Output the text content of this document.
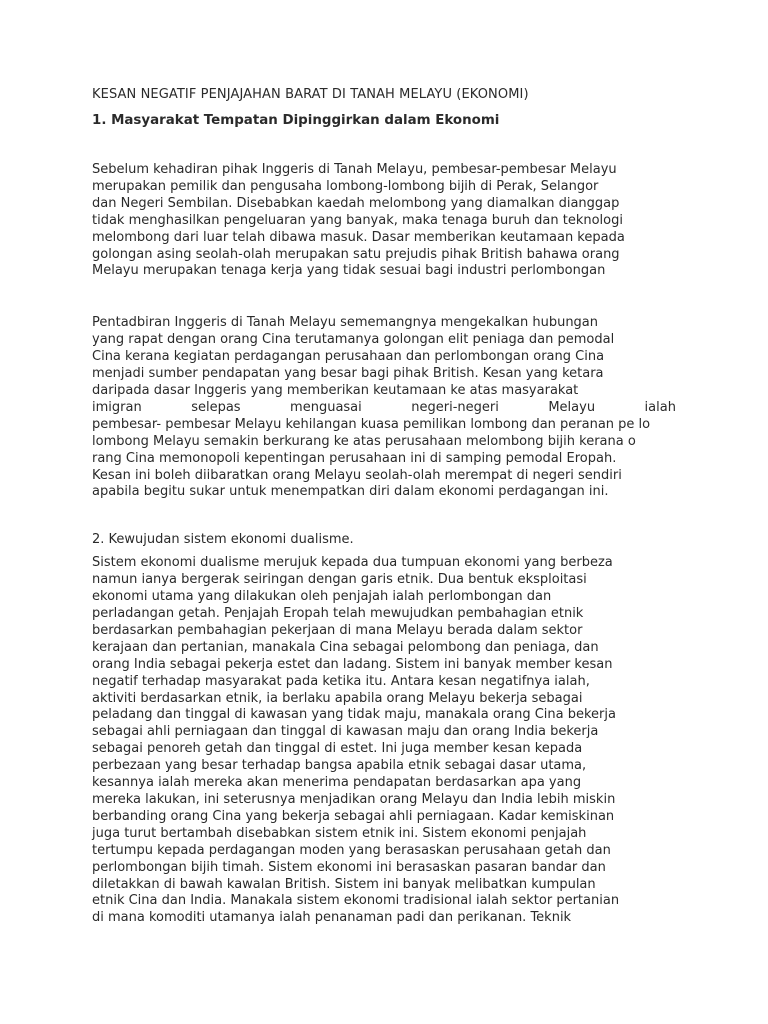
KESAN NEGATIF PENJAJAHAN BARAT DI TANAH MELAYU (EKONOMI)
1. Masyarakat Tempatan Dipinggirkan dalam Ekonomi

Sebelum kehadiran pihak Inggeris di Tanah Melayu, pembesar-pembesar Melayu
merupakan pemilik dan pengusaha lombong-lombong bijih di Perak, Selangor
dan Negeri Sembilan. Disebabkan kaedah melombong yang diamalkan dianggap
tidak menghasilkan pengeluaran yang banyak, maka tenaga buruh dan teknologi
melombong dari luar telah dibawa masuk. Dasar memberikan keutamaan kepada
golongan asing seolah-olah merupakan satu prejudis pihak British bahawa orang
Melayu merupakan tenaga kerja yang tidak sesuai bagi industri perlombongan

Pentadbiran Inggeris di Tanah Melayu sememangnya mengekalkan hubungan
yang rapat dengan orang Cina terutamanya golongan elit peniaga dan pemodal
Cina kerana kegiatan perdagangan perusahaan dan perlombongan orang Cina
menjadi sumber pendapatan yang besar bagi pihak British. Kesan yang ketara
daripada dasar Inggeris yang memberikan keutamaan ke atas masyarakat
imigran	selepas	menguasai	negeri-negeri	Melayu	ialah
pembesar- pembesar Melayu kehilangan kuasa pemilikan lombong dan peranan pe lo
lombong Melayu semakin berkurang ke atas perusahaan melombong bijih kerana o
rang Cina memonopoli kepentingan perusahaan ini di samping pemodal Eropah.
Kesan ini boleh diibaratkan orang Melayu seolah-olah merempat di negeri sendiri
apabila begitu sukar untuk menempatkan diri dalam ekonomi perdagangan ini.

2. Kewujudan sistem ekonomi dualisme.

Sistem ekonomi dualisme merujuk kepada dua tumpuan ekonomi yang berbeza
namun ianya bergerak seiringan dengan garis etnik. Dua bentuk eksploitasi
ekonomi utama yang dilakukan oleh penjajah ialah perlombongan dan
perladangan getah. Penjajah Eropah telah mewujudkan pembahagian etnik
berdasarkan pembahagian pekerjaan di mana Melayu berada dalam sektor
kerajaan dan pertanian, manakala Cina sebagai pelombong dan peniaga, dan
orang India sebagai pekerja estet dan ladang. Sistem ini banyak member kesan
negatif terhadap masyarakat pada ketika itu. Antara kesan negatifnya ialah,
aktiviti berdasarkan etnik, ia berlaku apabila orang Melayu bekerja sebagai
peladang dan tinggal di kawasan yang tidak maju, manakala orang Cina bekerja
sebagai ahli perniagaan dan tinggal di kawasan maju dan orang India bekerja
sebagai penoreh getah dan tinggal di estet. Ini juga member kesan kepada
perbezaan yang besar terhadap bangsa apabila etnik sebagai dasar utama,
kesannya ialah mereka akan menerima pendapatan berdasarkan apa yang
mereka lakukan, ini seterusnya menjadikan orang Melayu dan India lebih miskin
berbanding orang Cina yang bekerja sebagai ahli perniagaan. Kadar kemiskinan
juga turut bertambah disebabkan sistem etnik ini. Sistem ekonomi penjajah
tertumpu kepada perdagangan moden yang berasaskan perusahaan getah dan
perlombongan bijih timah. Sistem ekonomi ini berasaskan pasaran bandar dan
diletakkan di bawah kawalan British. Sistem ini banyak melibatkan kumpulan
etnik Cina dan India. Manakala sistem ekonomi tradisional ialah sektor pertanian
di mana komoditi utamanya ialah penanaman padi dan perikanan. Teknik
